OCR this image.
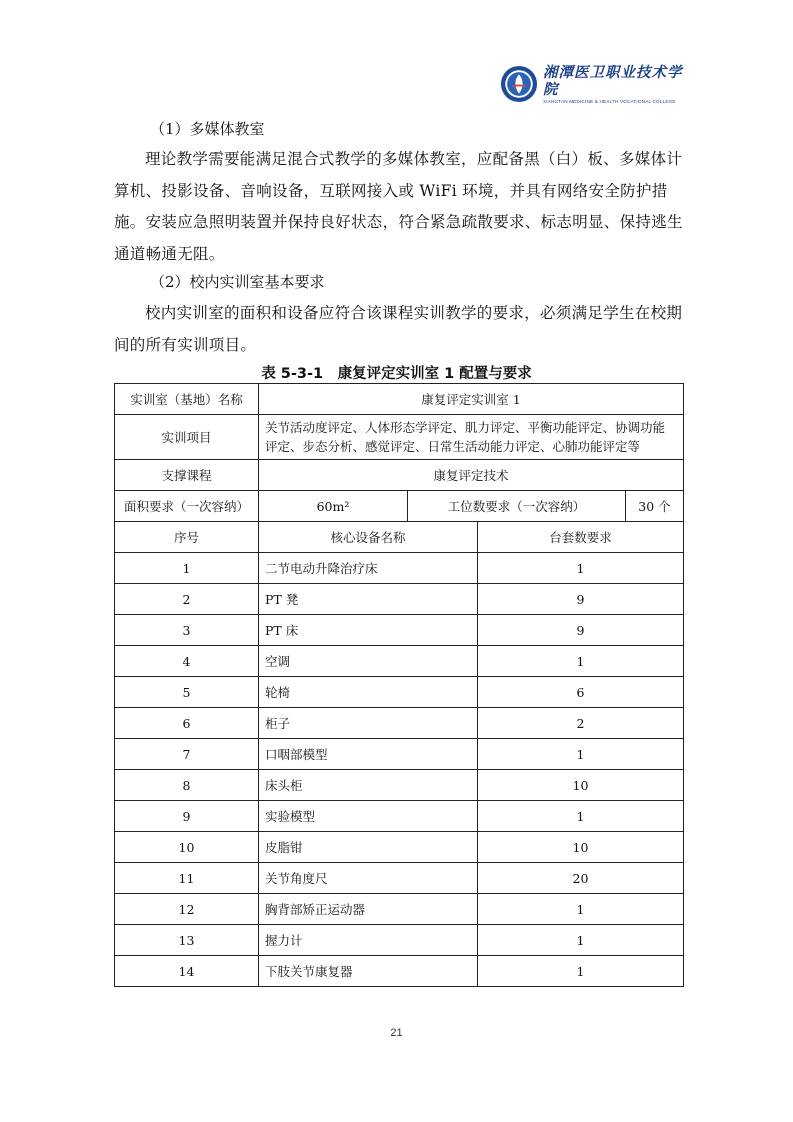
湘潭医卫职业技术学院
XIANGTAN MEDICINE & HEALTH VOCATIONAL COLLEGE
（1）多媒体教室
理论教学需要能满足混合式教学的多媒体教室，应配备黑（白）板、多媒体计算机、投影设备、音响设备，互联网接入或 WiFi 环境，并具有网络安全防护措施。安装应急照明装置并保持良好状态，符合紧急疏散要求、标志明显、保持逃生通道畅通无阻。
（2）校内实训室基本要求
校内实训室的面积和设备应符合该课程实训教学的要求，必须满足学生在校期间的所有实训项目。
表 5-3-1　康复评定实训室 1 配置与要求
实训室（基地）名称	康复评定实训室 1			
实训项目	关节活动度评定、人体形态学评定、肌力评定、平衡功能评定、协调功能评定、步态分析、感觉评定、日常生活动能力评定、心肺功能评定等			
支撑课程	康复评定技术			
面积要求（一次容纳）	60m²	工位数要求（一次容纳）		30 个
序号	核心设备名称		台套数要求	
1	二节电动升降治疗床		1	
2	PT 凳		9	
3	PT 床		9	
4	空调		1	
5	轮椅		6	
6	柜子		2	
7	口咽部模型		1	
8	床头柜		10	
9	实验模型		1	
10	皮脂钳		10	
11	关节角度尺		20	
12	胸背部矫正运动器		1	
13	握力计		1	
14	下肢关节康复器		1	
21
